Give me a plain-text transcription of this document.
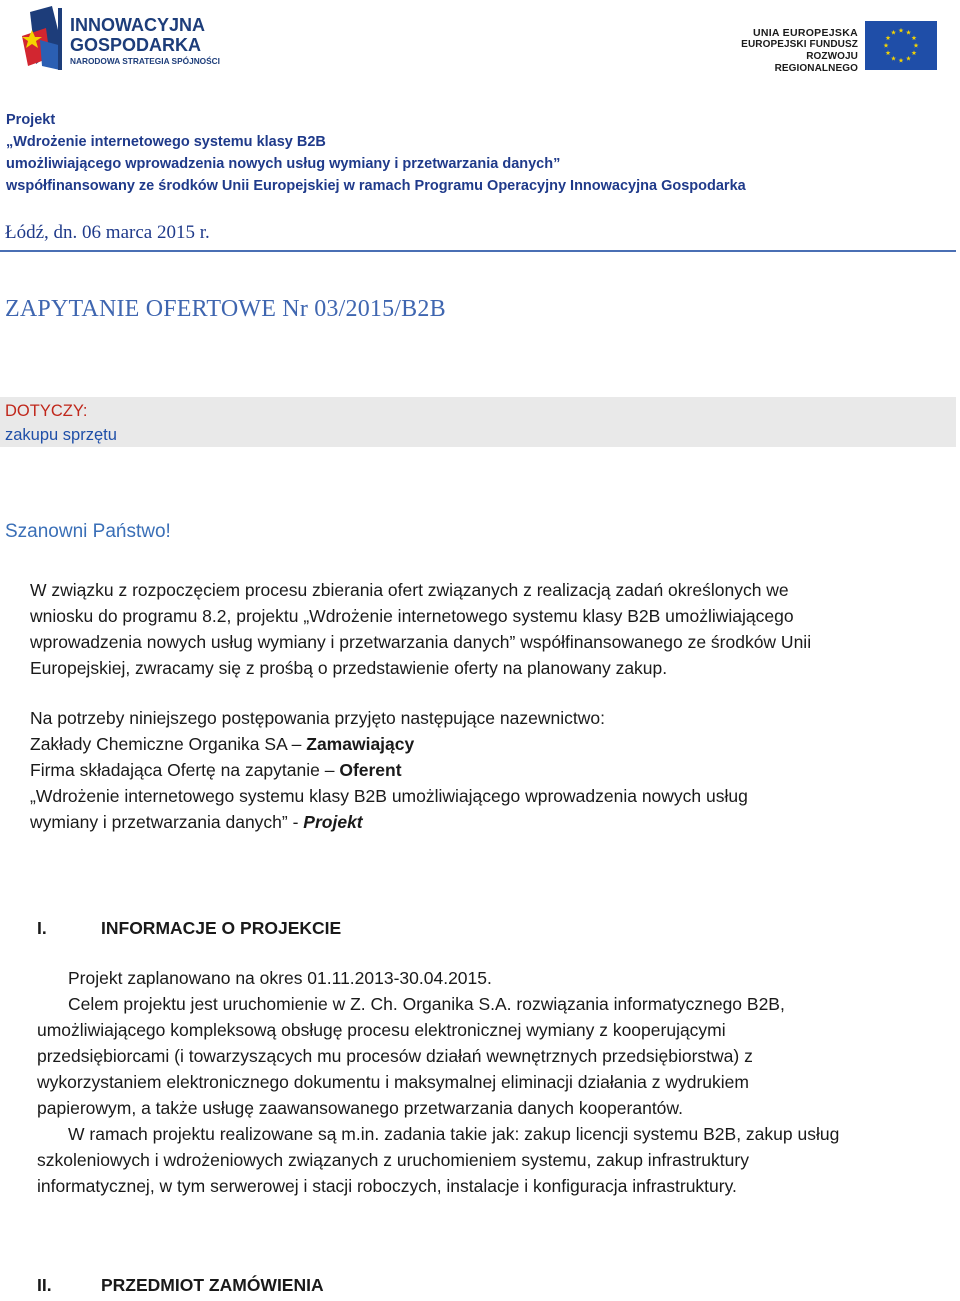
INNOWACYJNA
GOSPODARKA
NARODOWA STRATEGIA SPÓJNOŚCI
UNIA EUROPEJSKA
EUROPEJSKI FUNDUSZ
ROZWOJU REGIONALNEGO
Projekt
„Wdrożenie internetowego systemu klasy B2B
umożliwiającego wprowadzenia nowych usług wymiany i przetwarzania danych”
współfinansowany ze środków Unii Europejskiej w ramach Programu Operacyjny Innowacyjna Gospodarka
Łódź, dn. 06 marca 2015 r.
ZAPYTANIE OFERTOWE Nr 03/2015/B2B
DOTYCZY:
zakupu sprzętu
Szanowni Państwo!
W związku z rozpoczęciem procesu zbierania ofert związanych z realizacją zadań określonych we
wniosku do programu 8.2, projektu „Wdrożenie internetowego systemu klasy B2B umożliwiającego
wprowadzenia nowych usług wymiany i przetwarzania danych” współfinansowanego ze środków Unii
Europejskiej, zwracamy się z prośbą o przedstawienie oferty na planowany zakup.
Na potrzeby niniejszego postępowania przyjęto następujące nazewnictwo:
Zakłady Chemiczne Organika SA – Zamawiający
Firma składająca Ofertę na zapytanie – Oferent
„Wdrożenie internetowego systemu klasy B2B umożliwiającego wprowadzenia nowych usług
wymiany i przetwarzania danych” - Projekt
I.	INFORMACJE O PROJEKCIE
Projekt zaplanowano na okres 01.11.2013-30.04.2015.
Celem projektu jest uruchomienie w Z. Ch. Organika S.A. rozwiązania informatycznego B2B,
umożliwiającego kompleksową obsługę procesu elektronicznej wymiany z kooperującymi
przedsiębiorcami (i towarzyszących mu procesów działań wewnętrznych przedsiębiorstwa) z
wykorzystaniem elektronicznego dokumentu i maksymalnej eliminacji działania z wydrukiem
papierowym, a także usługę zaawansowanego przetwarzania danych kooperantów.
W ramach projektu realizowane są m.in. zadania takie jak: zakup licencji systemu B2B, zakup usług
szkoleniowych i wdrożeniowych związanych z uruchomieniem systemu, zakup infrastruktury
informatycznej, w tym serwerowej i stacji roboczych, instalacje i konfiguracja infrastruktury.
II.	PRZEDMIOT ZAMÓWIENIA
